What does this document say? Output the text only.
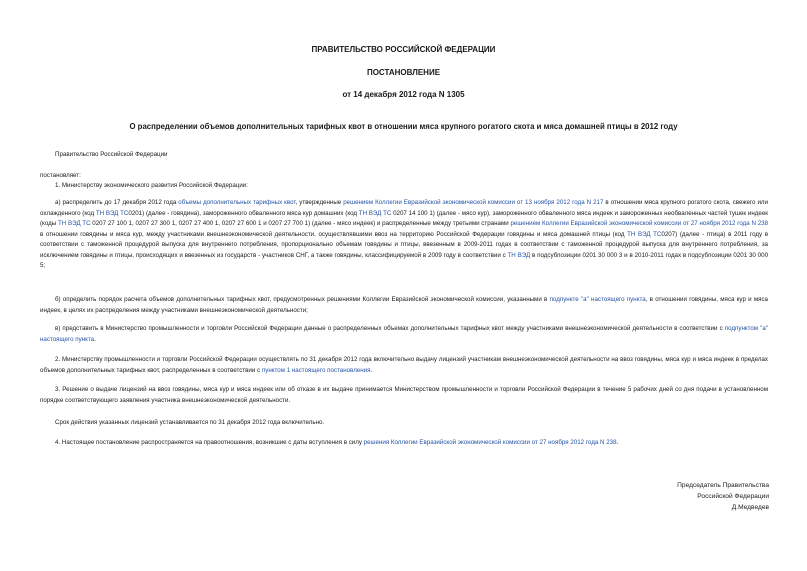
ПРАВИТЕЛЬСТВО РОССИЙСКОЙ ФЕДЕРАЦИИ
ПОСТАНОВЛЕНИЕ
от 14 декабря 2012 года N 1305
О распределении объемов дополнительных тарифных квот в отношении мяса крупного рогатого скота и мяса домашней птицы в 2012 году
Правительство Российской Федерации
постановляет:
1. Министерству экономического развития Российской Федерации:
а) распределить до 17 декабря 2012 года объемы дополнительных тарифных квот, утвержденные решением Коллегии Евразийской экономической комиссии от 13 ноября 2012 года N 217 в отношении мяса крупного рогатого скота, свежего или охлажденного (код ТН ВЭД ТС0201) (далее - говядина), замороженного обваленного мяса кур домашних (код ТН ВЭД ТС 0207 14 100 1) (далее - мясо кур), замороженного обваленного мяса индеек и замороженных необваленных частей тушек индеек (коды ТН ВЭД ТС 0207 27 100 1, 0207 27 300 1, 0207 27 400 1, 0207 27 600 1 и 0207 27 700 1) (далее - мясо индеек) и распределенные между третьими странами решением Коллегии Евразийской экономической комиссии от 27 ноября 2012 года N 238 в отношении говядины и мяса кур, между участниками внешнеэкономической деятельности, осуществлявшими ввоз на территорию Российской Федерации говядины и мяса домашней птицы (код ТН ВЭД ТС0207) (далее - птица) в 2011 году в соответствии с таможенной процедурой выпуска для внутреннего потребления, пропорционально объемам говядины и птицы, ввезенным в 2009-2011 годах в соответствии с таможенной процедурой выпуска для внутреннего потребления, за исключением говядины и птицы, происходящих и ввезенных из государств - участников СНГ, а также говядины, классифицируемой в 2009 году в соответствии с ТН ВЭД в подсубпозиции 0201 30 000 3 и в 2010-2011 годах в подсубпозиции 0201 30 000 5;
б) определить порядок расчета объемов дополнительных тарифных квот, предусмотренных решениями Коллегии Евразийской экономической комиссии, указанными в подпункте "а" настоящего пункта, в отношении говядины, мяса кур и мяса индеек, в целях их распределения между участниками внешнеэкономической деятельности;
в) представить в Министерство промышленности и торговли Российской Федерации данные о распределенных объемах дополнительных тарифных квот между участниками внешнеэкономической деятельности в соответствии с подпунктом "а" настоящего пункта.
2. Министерству промышленности и торговли Российской Федерации осуществлять по 31 декабря 2012 года включительно выдачу лицензий участникам внешнеэкономической деятельности на ввоз говядины, мяса кур и мяса индеек в пределах объемов дополнительных тарифных квот, распределенных в соответствии с пунктом 1 настоящего постановления.
3. Решение о выдаче лицензий на ввоз говядины, мяса кур и мяса индеек или об отказе в их выдаче принимается Министерством промышленности и торговли Российской Федерации в течение 5 рабочих дней со дня подачи в установленном порядке соответствующего заявления участника внешнеэкономической деятельности.
Срок действия указанных лицензий устанавливается по 31 декабря 2012 года включительно.
4. Настоящее постановление распространяется на правоотношения, возникшие с даты вступления в силу решения Коллегии Евразийской экономической комиссии от 27 ноября 2012 года N 238.
Председатель Правительства
Российской Федерации
Д.Медведев
